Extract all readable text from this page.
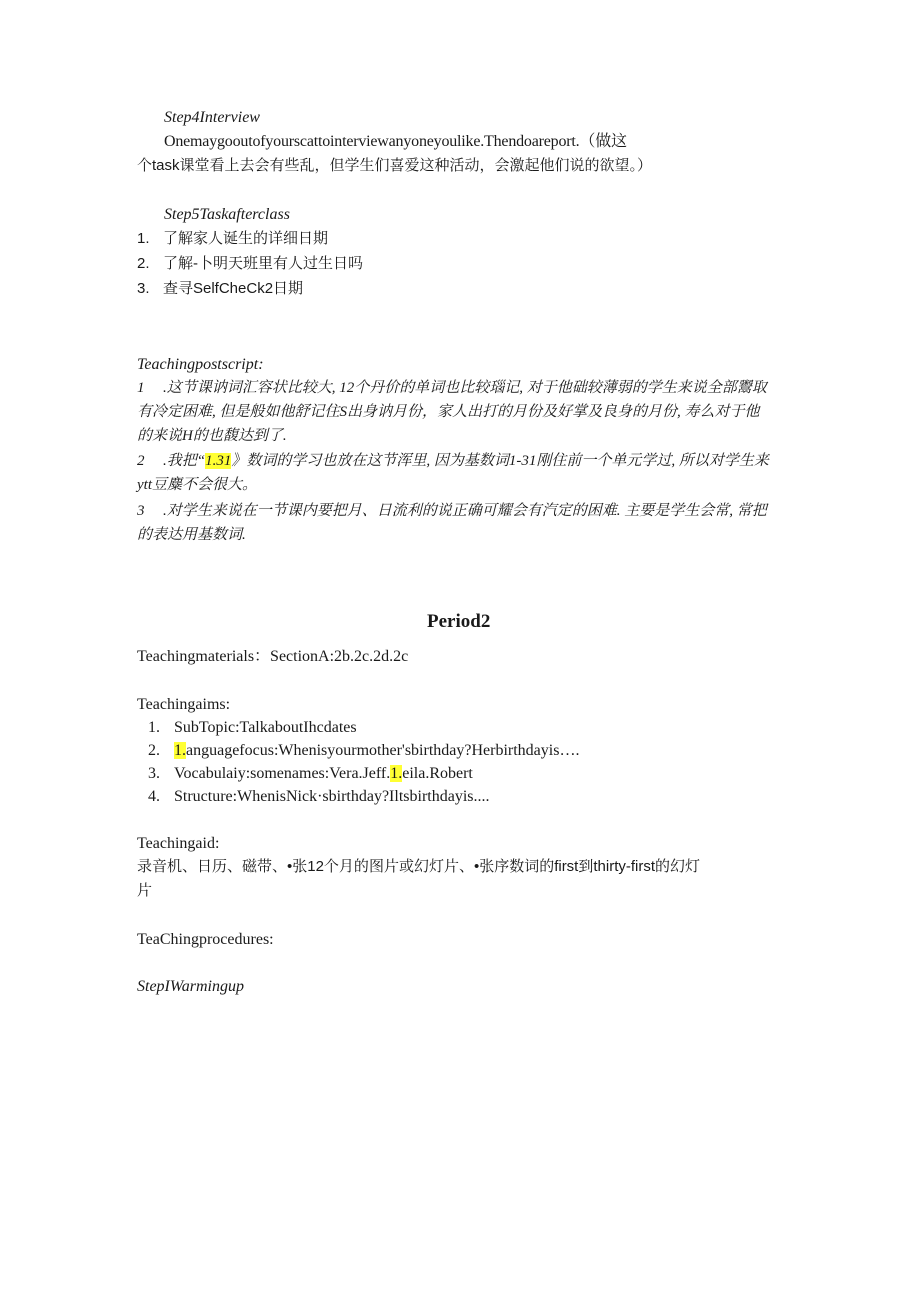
Step4Interview
Onemaygooutofyourscattointerviewanyoneyoulike.Thendoareport.（做这
个task课堂看上去会有些乱，但学生们喜爱这种活动，会激起他们说的欲望。）
Step5Taskafterclass
1. 了解家人诞生的详细日期
2. 了解-卜明天班里有人过生日吗
3. 查寻SelfCheCk2日期
Teachingpostscript:
1 .这节课讷词汇容状比较大, 12个丹价的单词也比较瑙记, 对于他础较薄弱的学生来说全部鬻取
有冷定困难, 但是般如他舒记住S出身讷月份，家人出打的月份及好掌及良身的月份, 寿么对于他
的来说H的也馥达到了.
2 .我把“1.31》数词的学习也放在这节浑里, 因为基数词1-31刚住前一个单元学过, 所以对学生来
ytt豆麋不会很大。
3 .对学生来说在一节课内要把月、日流利的说正确可耀会有汽定的困难. 主要是学生会常, 常把
的表达用基数词.
Period2
Teachingmaterials：SectionA:2b.2c.2d.2c
Teachingaims:
1. SubTopic:TalkaboutIhcdates
2. 1.anguagefocus:Whenisyourmother'sbirthday?Herbirthdayis….
3. Vocabulaiy:somenames:Vera.Jeff.1.eila.Robert
4. Structure:WhenisNick·sbirthday?Iltsbirthdayis....
Teachingaid:
录音机、日历、磁带、•张12个月的图片或幻灯片、•张序数词的first到thirty-first的幻灯
片
TeaChingprocedures:
StepIWarmingup
